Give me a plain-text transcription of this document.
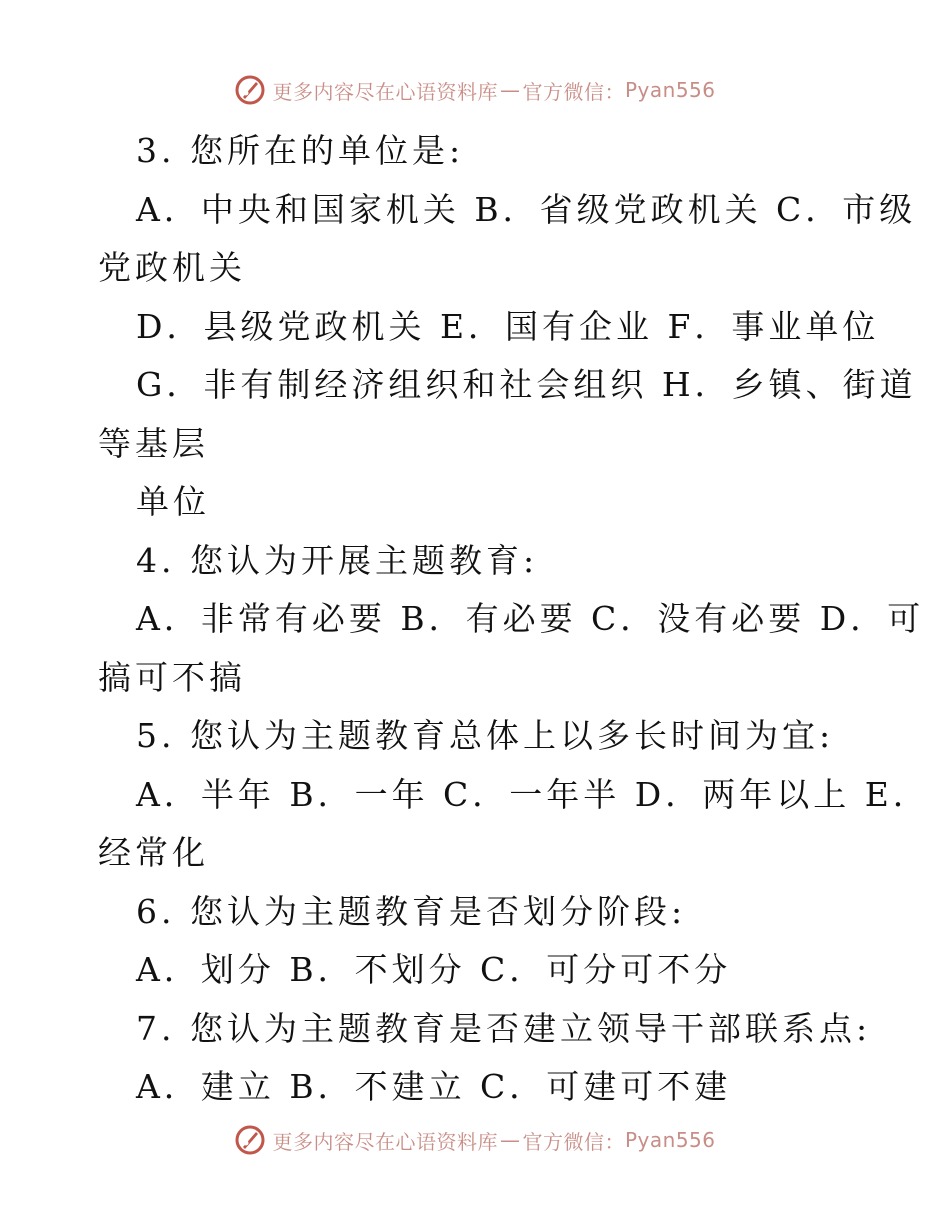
更多内容尽在心语资料库 — 官方微信： Pyan556
3. 您所在的单位是:
A．中央和国家机关 B．省级党政机关 C．市级
党政机关
D．县级党政机关 E．国有企业 F．事业单位
G．非有制经济组织和社会组织 H．乡镇、街道
等基层
单位
4. 您认为开展主题教育:
A．非常有必要 B．有必要 C．没有必要 D．可
搞可不搞
5. 您认为主题教育总体上以多长时间为宜:
A．半年 B．一年 C．一年半 D．两年以上 E．
经常化
6. 您认为主题教育是否划分阶段:
A．划分 B．不划分 C．可分可不分
7. 您认为主题教育是否建立领导干部联系点:
A．建立 B．不建立 C．可建可不建
更多内容尽在心语资料库 — 官方微信： Pyan556
